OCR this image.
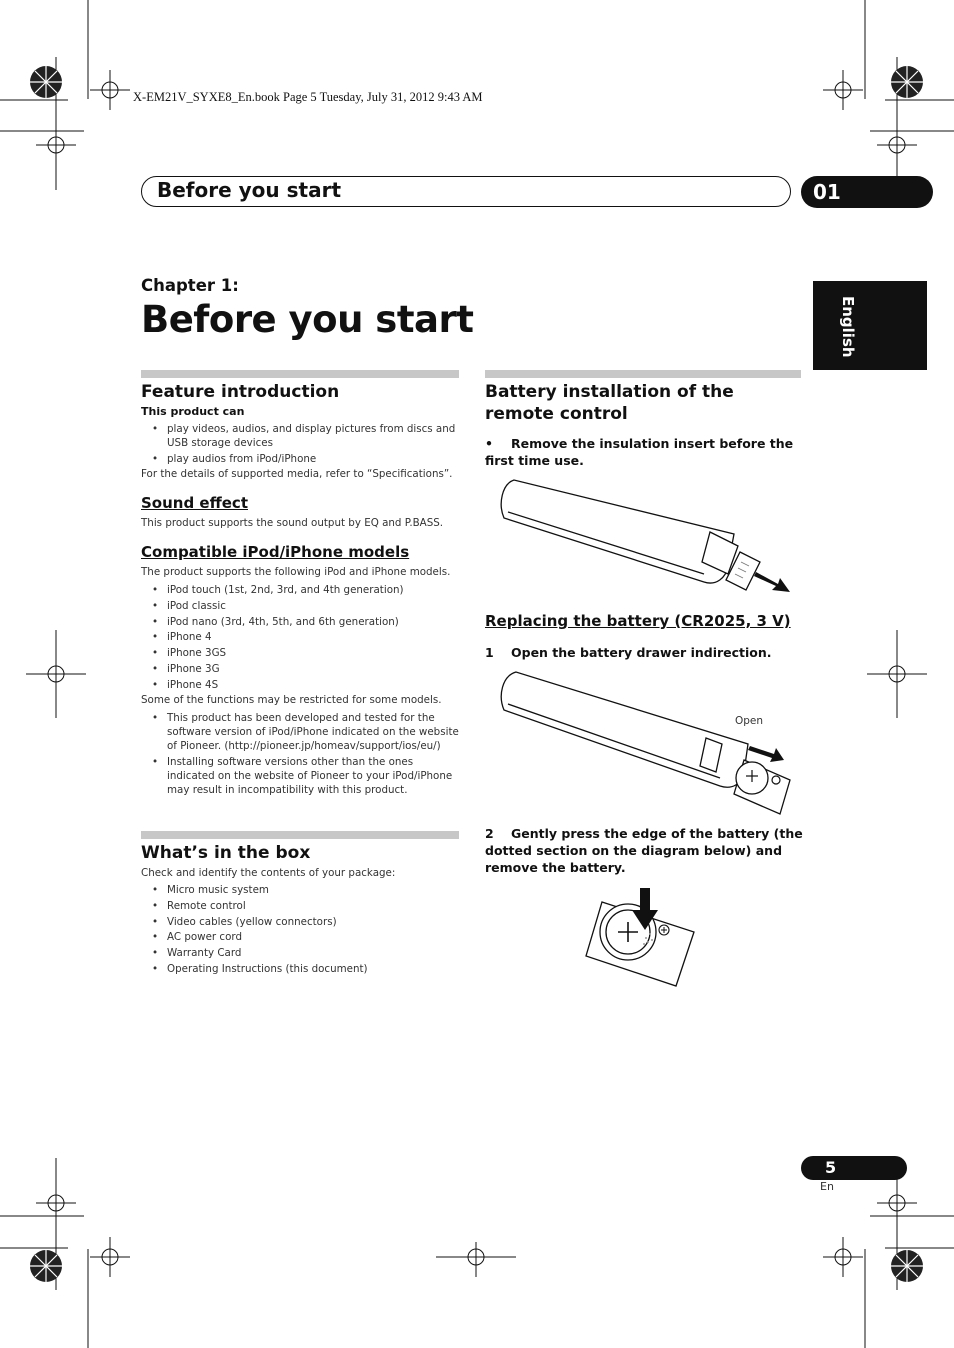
X-EM21V_SYXE8_En.book Page 5 Tuesday, July 31, 2012 9:43 AM
Before you start	01
English
Chapter 1:
Before you start
Feature introduction
This product can
• play videos, audios, and display pictures from discs and USB storage devices
• play audios from iPod/iPhone
For the details of supported media, refer to “Specifications”.
Sound effect
This product supports the sound output by EQ and P.BASS.
Compatible iPod/iPhone models
The product supports the following iPod and iPhone models.
• iPod touch (1st, 2nd, 3rd, and 4th generation)
• iPod classic
• iPod nano (3rd, 4th, 5th, and 6th generation)
• iPhone 4
• iPhone 3GS
• iPhone 3G
• iPhone 4S
Some of the functions may be restricted for some models.
• This product has been developed and tested for the software version of iPod/iPhone indicated on the website of Pioneer. (http://pioneer.jp/homeav/support/ios/eu/)
• Installing software versions other than the ones indicated on the website of Pioneer to your iPod/iPhone may result in incompatibility with this product.
What’s in the box
Check and identify the contents of your package:
• Micro music system
• Remote control
• Video cables (yellow connectors)
• AC power cord
• Warranty Card
• Operating Instructions (this document)
Battery installation of the remote control
• Remove the insulation insert before the first time use.
Replacing the battery (CR2025, 3 V)
1 Open the battery drawer indirection.
Open
2 Gently press the edge of the battery (the dotted section on the diagram below) and remove the battery.
5
En
